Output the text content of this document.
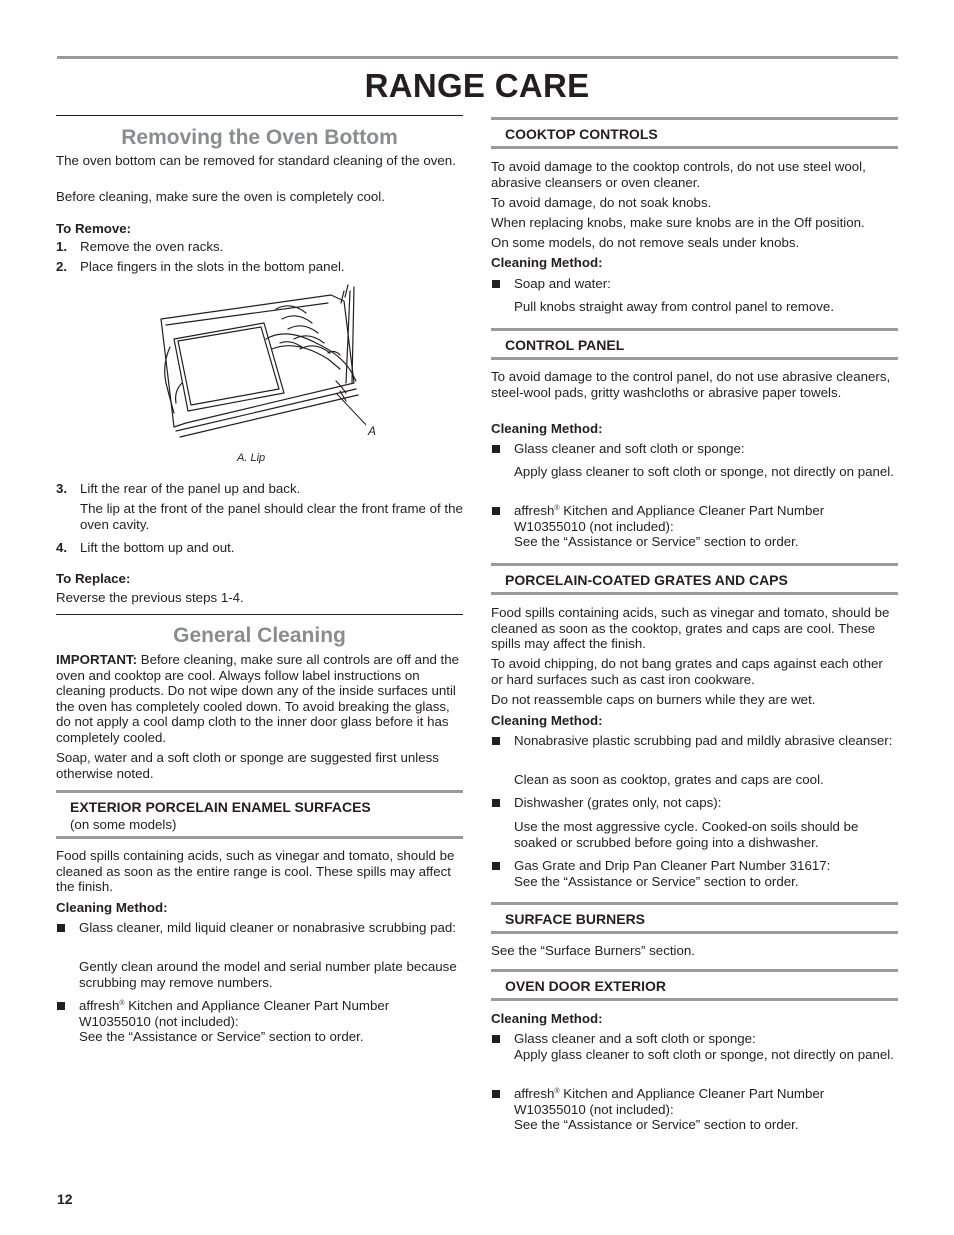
RANGE CARE
Removing the Oven Bottom
The oven bottom can be removed for standard cleaning of the oven.
Before cleaning, make sure the oven is completely cool.
To Remove:
1. Remove the oven racks.
2. Place fingers in the slots in the bottom panel.
A
A. Lip
3. Lift the rear of the panel up and back.
The lip at the front of the panel should clear the front frame of the oven cavity.
4. Lift the bottom up and out.
To Replace:
Reverse the previous steps 1-4.
General Cleaning
IMPORTANT: Before cleaning, make sure all controls are off and the oven and cooktop are cool. Always follow label instructions on cleaning products. Do not wipe down any of the inside surfaces until the oven has completely cooled down. To avoid breaking the glass, do not apply a cool damp cloth to the inner door glass before it has completely cooled.
Soap, water and a soft cloth or sponge are suggested first unless otherwise noted.
EXTERIOR PORCELAIN ENAMEL SURFACES
(on some models)
Food spills containing acids, such as vinegar and tomato, should be cleaned as soon as the entire range is cool. These spills may affect the finish.
Cleaning Method:
Glass cleaner, mild liquid cleaner or nonabrasive scrubbing pad:
Gently clean around the model and serial number plate because scrubbing may remove numbers.
affresh® Kitchen and Appliance Cleaner Part Number
W10355010 (not included):
See the “Assistance or Service” section to order.
COOKTOP CONTROLS
To avoid damage to the cooktop controls, do not use steel wool, abrasive cleansers or oven cleaner.
To avoid damage, do not soak knobs.
When replacing knobs, make sure knobs are in the Off position.
On some models, do not remove seals under knobs.
Cleaning Method:
Soap and water:
Pull knobs straight away from control panel to remove.
CONTROL PANEL
To avoid damage to the control panel, do not use abrasive cleaners, steel-wool pads, gritty washcloths or abrasive paper towels.
Cleaning Method:
Glass cleaner and soft cloth or sponge:
Apply glass cleaner to soft cloth or sponge, not directly on panel.
affresh® Kitchen and Appliance Cleaner Part Number
W10355010 (not included):
See the “Assistance or Service” section to order.
PORCELAIN-COATED GRATES AND CAPS
Food spills containing acids, such as vinegar and tomato, should be cleaned as soon as the cooktop, grates and caps are cool. These spills may affect the finish.
To avoid chipping, do not bang grates and caps against each other or hard surfaces such as cast iron cookware.
Do not reassemble caps on burners while they are wet.
Cleaning Method:
Nonabrasive plastic scrubbing pad and mildly abrasive cleanser:
Clean as soon as cooktop, grates and caps are cool.
Dishwasher (grates only, not caps):
Use the most aggressive cycle. Cooked-on soils should be soaked or scrubbed before going into a dishwasher.
Gas Grate and Drip Pan Cleaner Part Number 31617:
See the “Assistance or Service” section to order.
SURFACE BURNERS
See the “Surface Burners” section.
OVEN DOOR EXTERIOR
Cleaning Method:
Glass cleaner and a soft cloth or sponge:
Apply glass cleaner to soft cloth or sponge, not directly on panel.
affresh® Kitchen and Appliance Cleaner Part Number
W10355010 (not included):
See the “Assistance or Service” section to order.
12
